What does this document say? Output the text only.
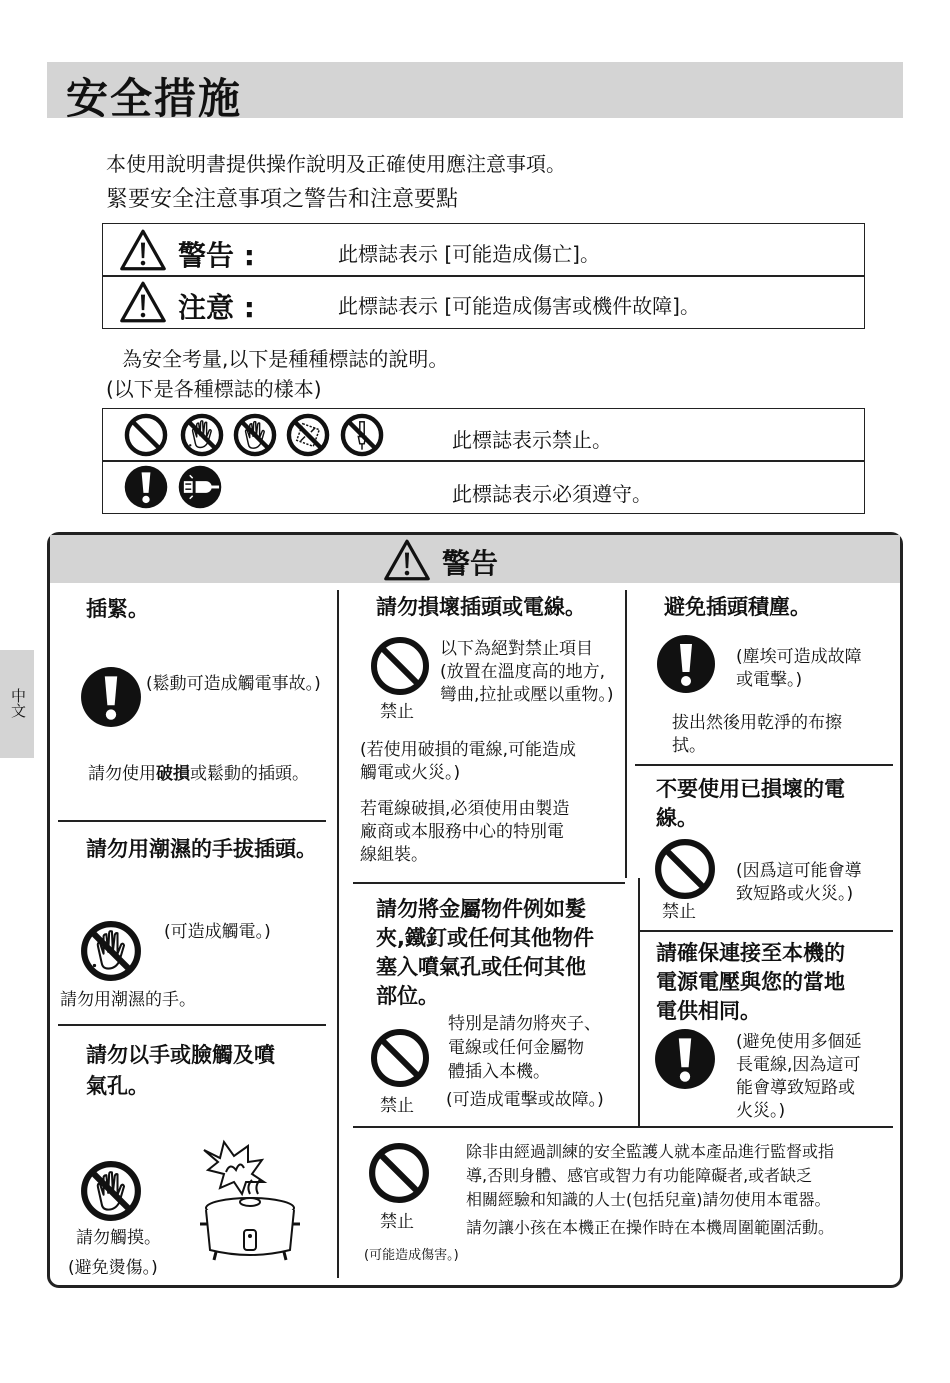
安全措施
本使用說明書提供操作說明及正確使用應注意事項。
緊要安全注意事項之警告和注意要點
警告 :	此標誌表示 [可能造成傷亡]。
注意 :	此標誌表示 [可能造成傷害或機件故障]。
為安全考量,以下是種種標誌的說明。
(以下是各種標誌的樣本)
此標誌表示禁止。
此標誌表示必須遵守。
中文
警告
插緊。
(鬆動可造成觸電事故。)
請勿使用破損或鬆動的插頭。
請勿用潮濕的手拔插頭。
(可造成觸電。)
請勿用潮濕的手。
請勿以手或臉觸及噴
氣孔。
請勿觸摸。
(避免燙傷。)
請勿損壞插頭或電線。
禁止
以下為絕對禁止項目
(放置在溫度高的地方,
彎曲,拉扯或壓以重物。)
(若使用破損的電線,可能造成
觸電或火災。)
若電線破損,必須使用由製造
廠商或本服務中心的特別電
線組裝。
請勿將金屬物件例如髮
夾,鐵釘或任何其他物件
塞入噴氣孔或任何其他
部位。
禁止
特別是請勿將夾子、
電線或任何金屬物
體插入本機。
(可造成電擊或故障。)
避免插頭積塵。
(塵埃可造成故障
或電擊。)
拔出然後用乾淨的布擦
拭。
不要使用已損壞的電
線。
禁止
(因爲這可能會導
致短路或火災。)
請確保連接至本機的
電源電壓與您的當地
電供相同。
(避免使用多個延
長電線,因為這可
能會導致短路或
火災。)
禁止
(可能造成傷害。)
除非由經過訓練的安全監護人就本產品進行監督或指
導,否則身體、感官或智力有功能障礙者,或者缺乏
相關經驗和知識的人士(包括兒童)請勿使用本電器。
請勿讓小孩在本機正在操作時在本機周圍範圍活動。
